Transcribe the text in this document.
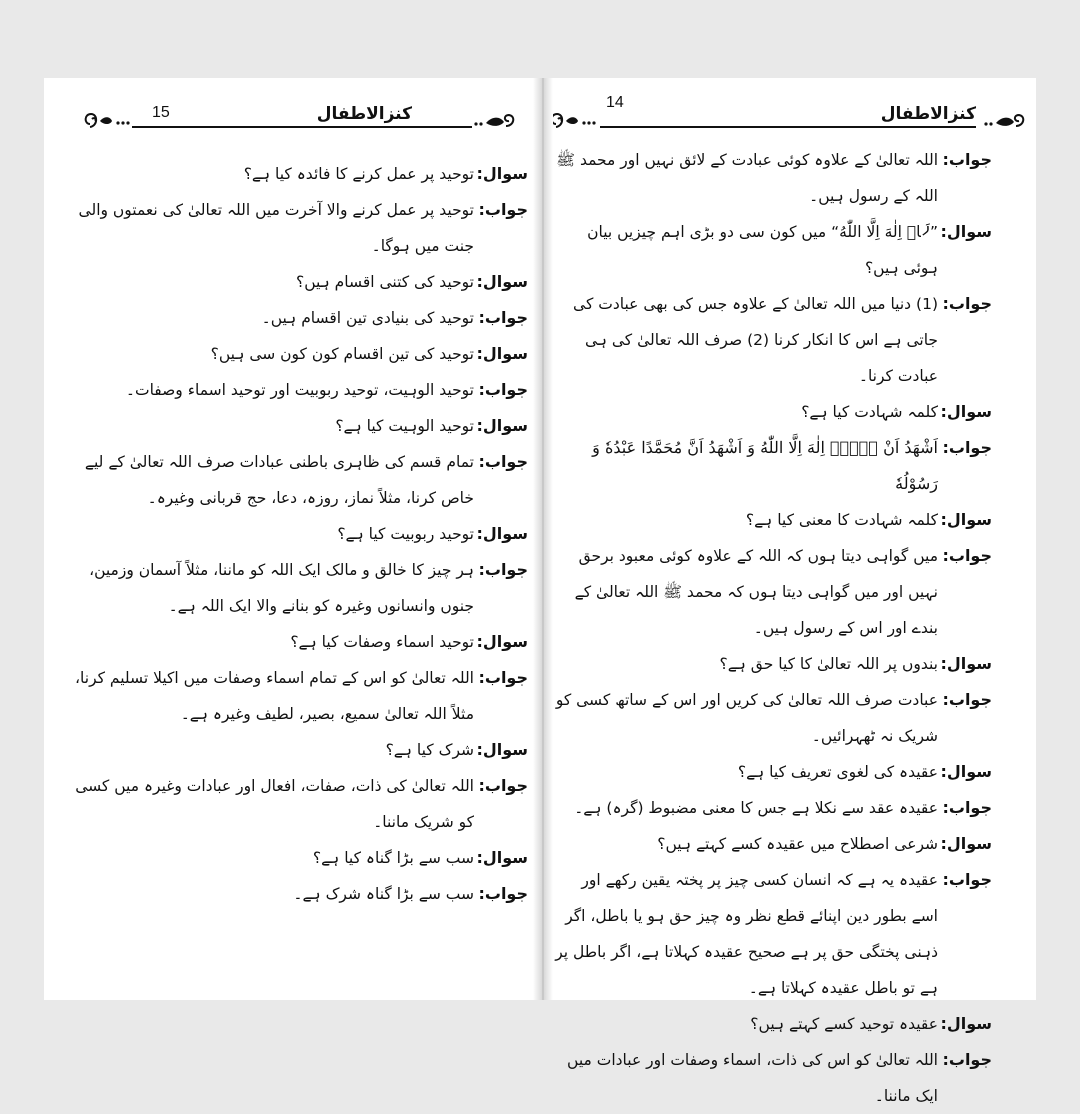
15	کنزالاطفال
سوال:
توحید پر عمل کرنے کا فائدہ کیا ہے؟
جواب:
توحید پر عمل کرنے والا آخرت میں اللہ تعالیٰ کی نعمتوں والی جنت میں ہوگا۔
سوال:
توحید کی کتنی اقسام ہیں؟
جواب:
توحید کی بنیادی تین اقسام ہیں۔
سوال:
توحید کی تین اقسام کون کون سی ہیں؟
جواب:
توحید الوہیت، توحید ربوبیت اور توحید اسماء وصفات۔
سوال:
توحید الوہیت کیا ہے؟
جواب:
تمام قسم کی ظاہری باطنی عبادات صرف اللہ تعالیٰ کے لیے خاص کرنا، مثلاً نماز، روزہ، دعا، حج قربانی وغیرہ۔
سوال:
توحید ربوبیت کیا ہے؟
جواب:
ہر چیز کا خالق و مالک ایک اللہ کو ماننا، مثلاً آسمان وزمین، جنوں وانسانوں وغیرہ کو بنانے والا ایک اللہ ہے۔
سوال:
توحید اسماء وصفات کیا ہے؟
جواب:
اللہ تعالیٰ کو اس کے تمام اسماء وصفات میں اکیلا تسلیم کرنا، مثلاً اللہ تعالیٰ سمیع، بصیر، لطیف وغیرہ ہے۔
سوال:
شرک کیا ہے؟
جواب:
اللہ تعالیٰ کی ذات، صفات، افعال اور عبادات وغیرہ میں کسی کو شریک ماننا۔
سوال:
سب سے بڑا گناہ کیا ہے؟
جواب:
سب سے بڑا گناہ شرک ہے۔
14
کنزالاطفال
جواب:
اللہ تعالیٰ کے علاوہ کوئی عبادت کے لائق نہیں اور محمد ﷺ اللہ کے رسول ہیں۔
سوال:
”لَاۤ اِلٰهَ اِلَّا اللّٰهُ“ میں کون سی دو بڑی اہم چیزیں بیان ہوئی ہیں؟
جواب:
(1) دنیا میں اللہ تعالیٰ کے علاوہ جس کی بھی عبادت کی جاتی ہے اس کا انکار کرنا (2) صرف اللہ تعالیٰ کی ہی عبادت کرنا۔
سوال:
کلمہ شہادت کیا ہے؟
جواب:
اَشْهَدُ اَنْ لَّاۤ اِلٰهَ اِلَّا اللّٰهُ وَ اَشْهَدُ اَنَّ مُحَمَّدًا عَبْدُهٗ وَ رَسُوْلُهٗ
سوال:
کلمہ شہادت کا معنی کیا ہے؟
جواب:
میں گواہی دیتا ہوں کہ اللہ کے علاوہ کوئی معبود برحق نہیں اور میں گواہی دیتا ہوں کہ محمد ﷺ اللہ تعالیٰ کے بندے اور اس کے رسول ہیں۔
سوال:
بندوں پر اللہ تعالیٰ کا کیا حق ہے؟
جواب:
عبادت صرف اللہ تعالیٰ کی کریں اور اس کے ساتھ کسی کو شریک نہ ٹھہرائیں۔
سوال:
عقیدہ کی لغوی تعریف کیا ہے؟
جواب:
عقیدہ عقد سے نکلا ہے جس کا معنی مضبوط (گرہ) ہے۔
سوال:
شرعی اصطلاح میں عقیدہ کسے کہتے ہیں؟
جواب:
عقیدہ یہ ہے کہ انسان کسی چیز پر پختہ یقین رکھے اور اسے بطور دین اپنائے قطع نظر وہ چیز حق ہو یا باطل، اگر ذہنی پختگی حق پر ہے صحیح عقیدہ کہلاتا ہے، اگر باطل پر ہے تو باطل عقیدہ کہلاتا ہے۔
سوال:
عقیدہ توحید کسے کہتے ہیں؟
جواب:
اللہ تعالیٰ کو اس کی ذات، اسماء وصفات اور عبادات میں ایک ماننا۔
